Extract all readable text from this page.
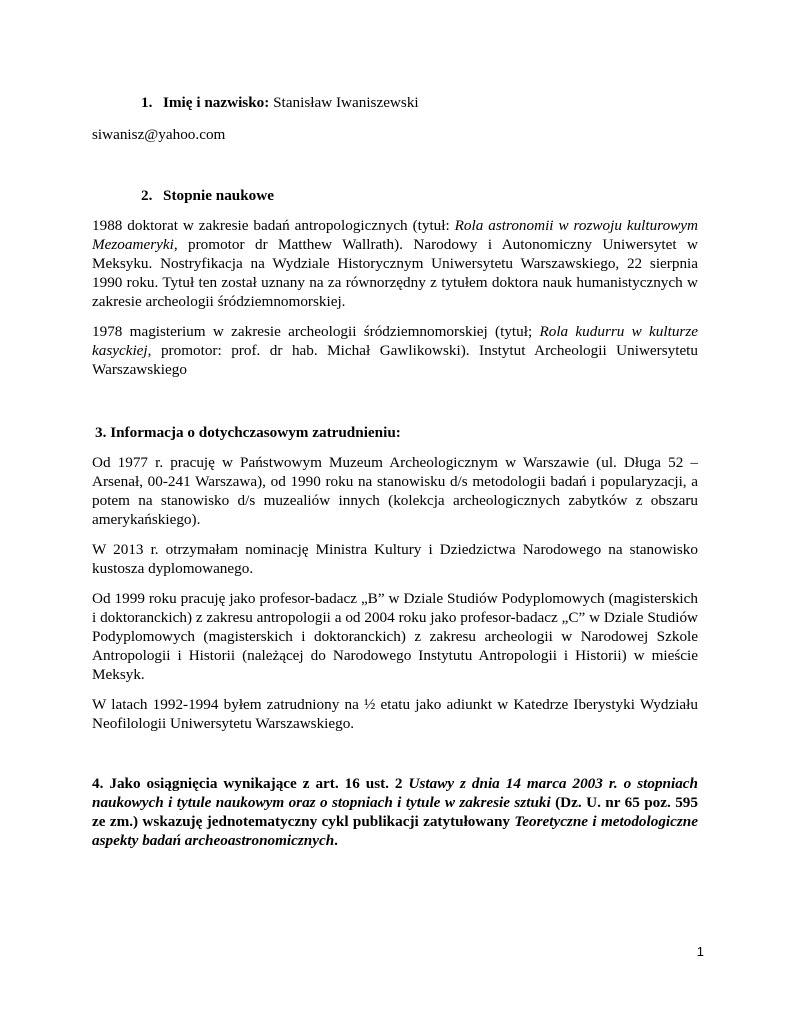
1. Imię i nazwisko: Stanisław Iwaniszewski
siwanisz@yahoo.com
2. Stopnie naukowe

1988 doktorat w zakresie badań antropologicznych (tytuł: Rola astronomii w rozwoju kulturowym Mezoameryki, promotor dr Matthew Wallrath). Narodowy i Autonomiczny Uniwersytet w Meksyku. Nostryfikacja na Wydziale Historycznym Uniwersytetu Warszawskiego, 22 sierpnia 1990 roku. Tytuł ten został uznany na za równorzędny z tytułem doktora nauk humanistycznych w zakresie archeologii śródziemnomorskiej.

1978 magisterium w zakresie archeologii śródziemnomorskiej (tytuł; Rola kudurru w kulturze kasyckiej, promotor: prof. dr hab. Michał Gawlikowski). Instytut Archeologii Uniwersytetu Warszawskiego

3. Informacja o dotychczasowym zatrudnieniu:

Od 1977 r. pracuję w Państwowym Muzeum Archeologicznym w Warszawie (ul. Długa 52 – Arsenał, 00-241 Warszawa), od 1990 roku na stanowisku d/s metodologii badań i popularyzacji, a potem na stanowisko d/s muzealiów innych (kolekcja archeologicznych zabytków z obszaru amerykańskiego).

W 2013 r. otrzymałam nominację Ministra Kultury i Dziedzictwa Narodowego na stanowisko kustosza dyplomowanego.

Od 1999 roku pracuję jako profesor-badacz „B” w Dziale Studiów Podyplomowych (magisterskich i doktoranckich) z zakresu antropologii a od 2004 roku jako profesor-badacz „C” w Dziale Studiów Podyplomowych (magisterskich i doktoranckich) z zakresu archeologii w Narodowej Szkole Antropologii i Historii (należącej do Narodowego Instytutu Antropologii i Historii) w mieście Meksyk.

W latach 1992-1994 byłem zatrudniony na ½ etatu jako adiunkt w Katedrze Iberystyki Wydziału Neofilologii Uniwersytetu Warszawskiego.

4. Jako osiągnięcia wynikające z art. 16 ust. 2 Ustawy z dnia 14 marca 2003 r. o stopniach naukowych i tytule naukowym oraz o stopniach i tytule w zakresie sztuki (Dz. U. nr 65 poz. 595 ze zm.) wskazuję jednotematyczny cykl publikacji zatytułowany Teoretyczne i metodologiczne aspekty badań archeoastronomicznych.

1
